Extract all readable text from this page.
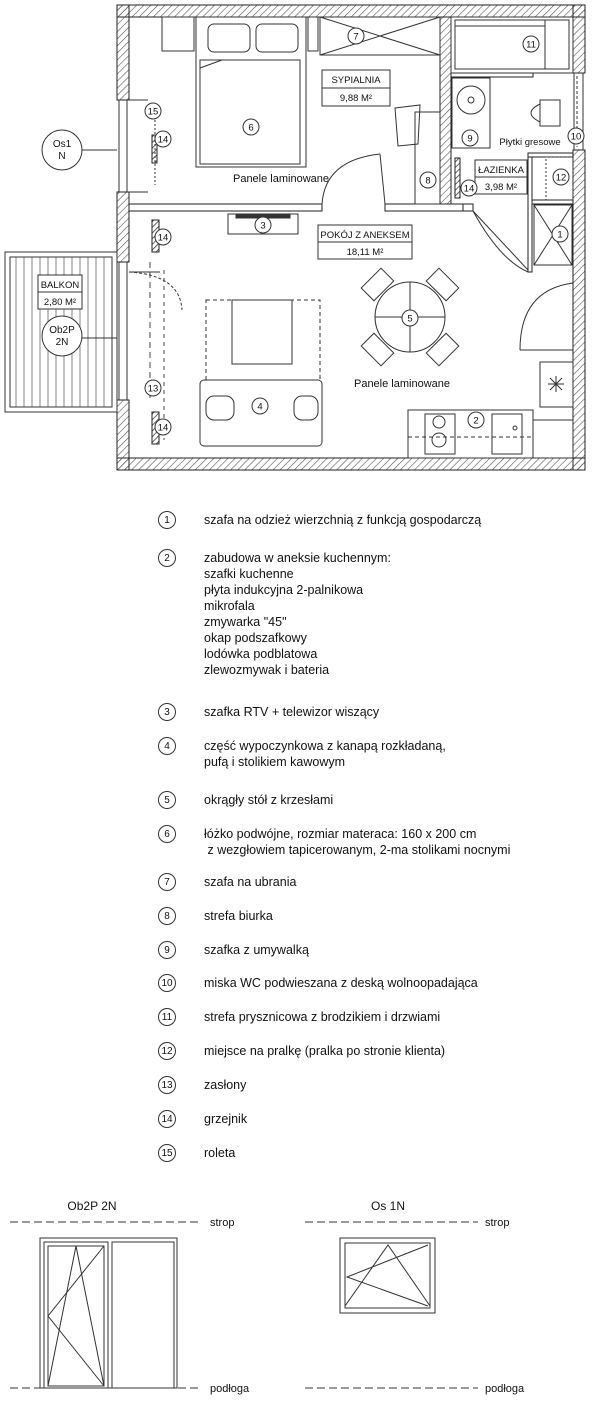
Os1
N
Ob2P
2N
SYPIALNIA
9,88 M²
POKÓJ Z ANEKSEM
18,11 M²
ŁAZIENKA
3,98 M²
BALKON
2,80 M²
Panele laminowane
Panele laminowane
Płytki gresowe
1
2
3
4
5
6
7
8
9	10
11
12
13
14
15
14
14
14
Ob2P 2N
strop
podłoga
Os 1N
strop
podłoga
1	szafa na odzież wierzchnią z funkcją gospodarczą
2	zabudowa w aneksie kuchennym:
szafki kuchenne
płyta indukcyjna 2-palnikowa
mikrofala
zmywarka "45"
okap podszafkowy
lodówka podblatowa
zlewozmywak i bateria
3	szafka RTV + telewizor wiszący
4	część wypoczynkowa z kanapą rozkładaną,
pufą i stolikiem kawowym
5	okrągły stół z krzesłami
6	łóżko podwójne, rozmiar materaca: 160 x 200 cm
z wezgłowiem tapicerowanym, 2-ma stolikami nocnymi
7	szafa na ubrania
8	strefa biurka
9	szafka z umywalką
10	miska WC podwieszana z deską wolnoopadająca
11	strefa prysznicowa z brodzikiem i drzwiami
12	miejsce na pralkę (pralka po stronie klienta)
13	zasłony
14	grzejnik
15	roleta
